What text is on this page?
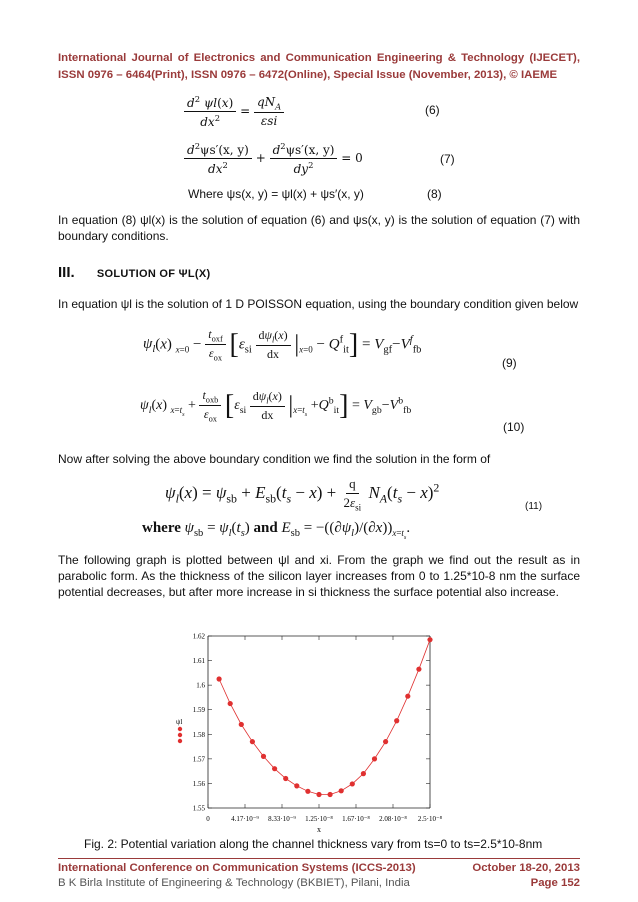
International Journal of Electronics and Communication Engineering & Technology (IJECET),
ISSN 0976 – 6464(Print), ISSN 0976 – 6472(Online), Special Issue (November, 2013), © IAEME
$\frac{d^2 \psi l(x)}{dx^2} = \frac{qN_A}{\text{εsi}}$	(6)
$\frac{d^2\psi s'(x, y)}{dx^2} + \frac{d^2\psi s'(x, y)}{dy^2} = 0$	(7)
Where ψs(x, y) = ψl(x) + ψs′(x, y)	(8)
In equation (8) ψl(x) is the solution of equation (6) and ψs(x, y) is the solution of equation (7) with boundary conditions.
III. SOLUTION OF ΨL(X)
In equation ψl is the solution of 1 D POISSON equation, using the boundary condition given below
$\psi_l(x) _{x=0} - \frac{t_{oxf}}{\varepsilon_{ox}} [\varepsilon_{si} \frac{d\psi_l(x)}{dx} |_{x=0} - Q^f_{it}] = V_{gf}-V^f_{fb}$
(9)
$\psi_l(x) _{x=t_s} + \frac{t_{oxb}}{\varepsilon_{ox}} [\varepsilon_{si} \frac{d\psi_l(x)}{dx} |_{x=t_s} +Q^b_{it}] = V_{gb}-V^b_{fb}$
(10)
Now after solving the above boundary condition we find the solution in the form of
$\psi_l(x) = \psi_{sb} + E_{sb}(t_s - x) + \frac{q}{2\varepsilon_{si}} N_A(t_s - x)^2$
(11)
where $\psi_{sb} = \psi_l(t_s)$ and $E_{sb} = -((\partial\psi_l)/(\partial x))_{x=t_s}$.
The following graph is plotted between ψl and xi. From the graph we find out the result as in parabolic form. As the thickness of the silicon layer increases from 0 to 1.25*10-8 nm the surface potential decreases, but after more increase in si thickness the surface potential also increase.
0	4.17·10⁻⁹ 8.33·10⁻⁹ 1.25·10⁻⁸ 1.67·10⁻⁸ 2.08·10⁻⁸ 2.5·10⁻⁸
1.55
1.56
1.57
1.58
1.59
1.6
1.61
1.62
ψl
x
Fig. 2: Potential variation along the channel thickness vary from ts=0 to ts=2.5*10-8nm
International Conference on Communication Systems (ICCS-2013)	October 18-20, 2013
B K Birla Institute of Engineering & Technology (BKBIET), Pilani, India	Page 152
